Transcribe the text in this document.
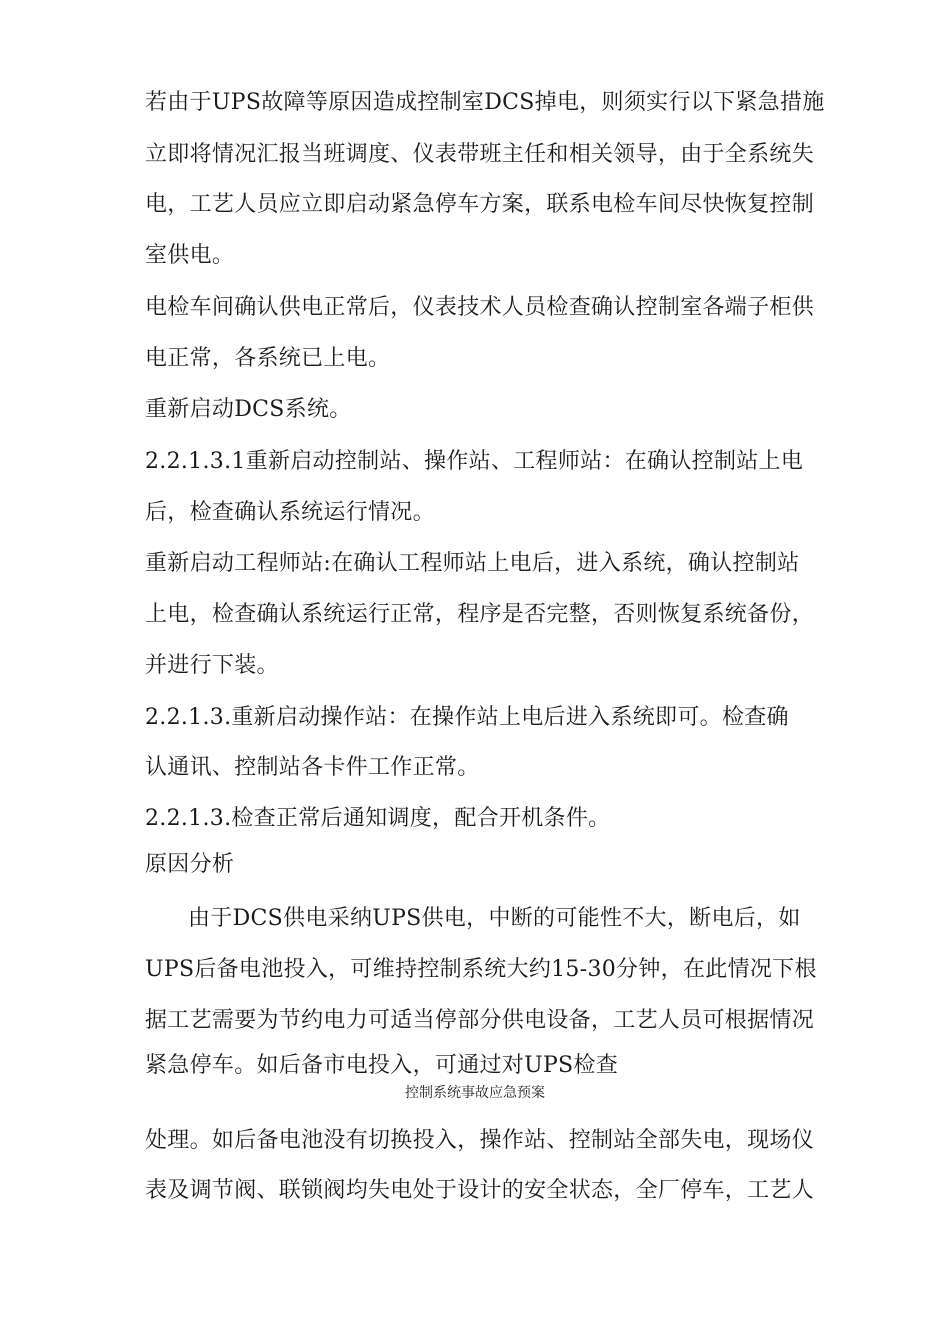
若由于UPS故障等原因造成控制室DCS掉电，则须实行以下紧急措施
立即将情况汇报当班调度、仪表带班主任和相关领导，由于全系统失
电，工艺人员应立即启动紧急停车方案，联系电检车间尽快恢复控制
室供电。
电检车间确认供电正常后，仪表技术人员检查确认控制室各端子柜供
电正常，各系统已上电。
重新启动DCS系统。
2.2.1.3.1重新启动控制站、操作站、工程师站：在确认控制站上电
后，检查确认系统运行情况。
重新启动工程师站:在确认工程师站上电后，进入系统，确认控制站
上电，检查确认系统运行正常，程序是否完整，否则恢复系统备份，
并进行下装。
2.2.1.3.重新启动操作站：在操作站上电后进入系统即可。检查确
认通讯、控制站各卡件工作正常。
2.2.1.3.检查正常后通知调度，配合开机条件。
原因分析
由于DCS供电采纳UPS供电，中断的可能性不大，断电后，如
UPS后备电池投入，可维持控制系统大约15-30分钟，在此情况下根
据工艺需要为节约电力可适当停部分供电设备，工艺人员可根据情况
紧急停车。如后备市电投入，可通过对UPS检查
控制系统事故应急预案
处理。如后备电池没有切换投入，操作站、控制站全部失电，现场仪
表及调节阀、联锁阀均失电处于设计的安全状态，全厂停车，工艺人
